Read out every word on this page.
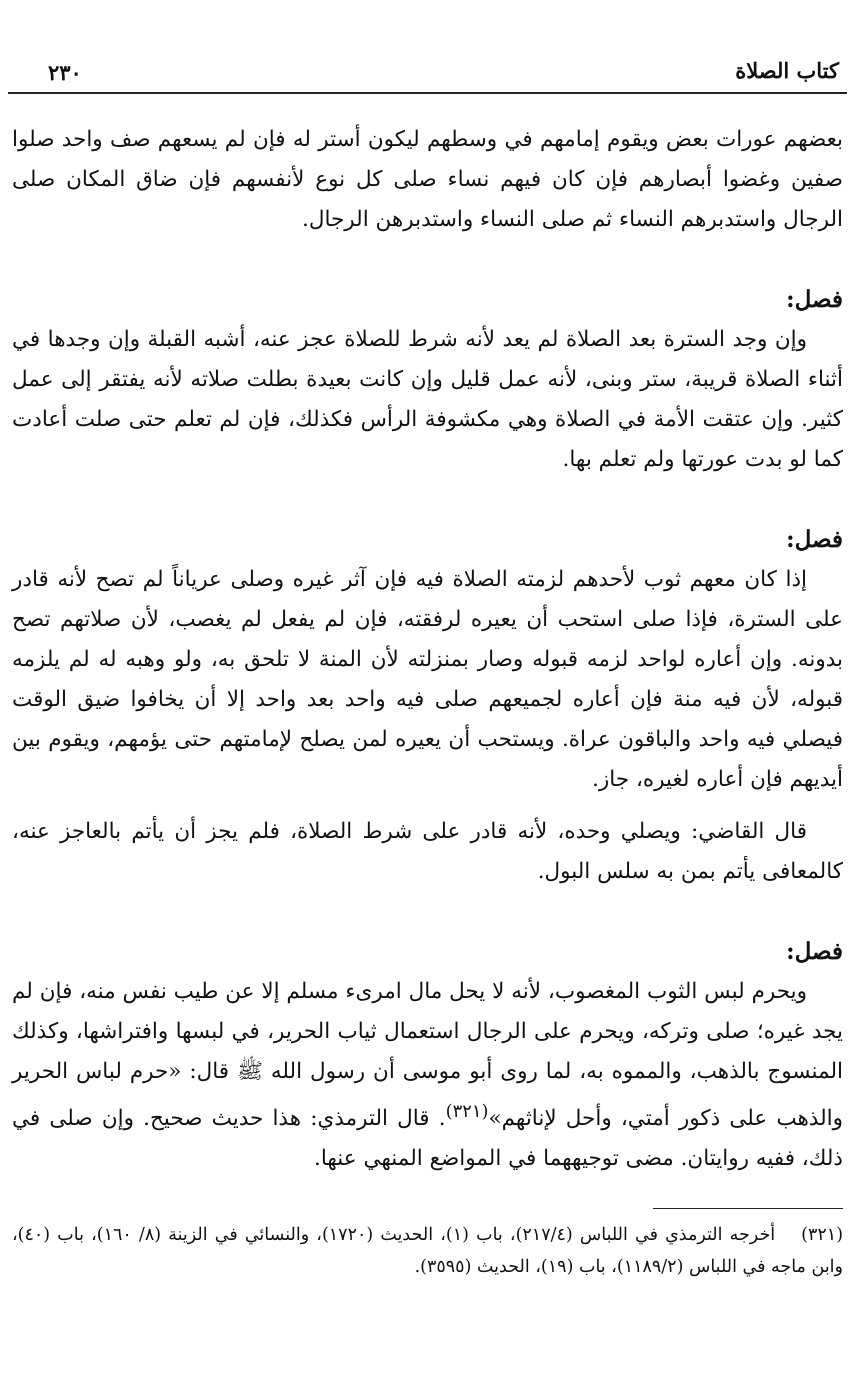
كتاب الصلاة
٢٣٠

بعضهم عورات بعض ويقوم إمامهم في وسطهم ليكون أستر له فإن لم يسعهم صف واحد صلوا صفين وغضوا أبصارهم فإن كان فيهم نساء صلى كل نوع لأنفسهم فإن ضاق المكان صلى الرجال واستدبرهم النساء ثم صلى النساء واستدبرهن الرجال.

فصل:

وإن وجد السترة بعد الصلاة لم يعد لأنه شرط للصلاة عجز عنه، أشبه القبلة وإن وجدها في أثناء الصلاة قريبة، ستر وبنى، لأنه عمل قليل وإن كانت بعيدة بطلت صلاته لأنه يفتقر إلى عمل كثير. وإن عتقت الأمة في الصلاة وهي مكشوفة الرأس فكذلك، فإن لم تعلم حتى صلت أعادت كما لو بدت عورتها ولم تعلم بها.

فصل:

إذا كان معهم ثوب لأحدهم لزمته الصلاة فيه فإن آثر غيره وصلى عرياناً لم تصح لأنه قادر على السترة، فإذا صلى استحب أن يعيره لرفقته، فإن لم يفعل لم يغصب، لأن صلاتهم تصح بدونه. وإن أعاره لواحد لزمه قبوله وصار بمنزلته لأن المنة لا تلحق به، ولو وهبه له لم يلزمه قبوله، لأن فيه منة فإن أعاره لجميعهم صلى فيه واحد بعد واحد إلا أن يخافوا ضيق الوقت فيصلي فيه واحد والباقون عراة. ويستحب أن يعيره لمن يصلح لإمامتهم حتى يؤمهم، ويقوم بين أيديهم فإن أعاره لغيره، جاز.

قال القاضي: ويصلي وحده، لأنه قادر على شرط الصلاة، فلم يجز أن يأتم بالعاجز عنه، كالمعافى يأتم بمن به سلس البول.

فصل:

ويحرم لبس الثوب المغصوب، لأنه لا يحل مال امرىء مسلم إلا عن طيب نفس منه، فإن لم يجد غيره؛ صلى وتركه، ويحرم على الرجال استعمال ثياب الحرير، في لبسها وافتراشها، وكذلك المنسوج بالذهب، والمموه به، لما روى أبو موسى أن رسول الله ﷺ قال: «حرم لباس الحرير والذهب على ذكور أمتي، وأحل لإناثهم»$^{(٣٢١)}$. قال الترمذي: هذا حديث صحيح. وإن صلى في ذلك، ففيه روايتان. مضى توجيههما في المواضع المنهي عنها.

(٣٢١)أخرجه الترمذي في اللباس (٢١٧/٤)، باب (١)، الحديث (١٧٢٠)، والنسائي في الزينة (٨/ ١٦٠)، باب (٤٠)، وابن ماجه في اللباس (١١٨٩/٢)، باب (١٩)، الحديث (٣٥٩٥).
